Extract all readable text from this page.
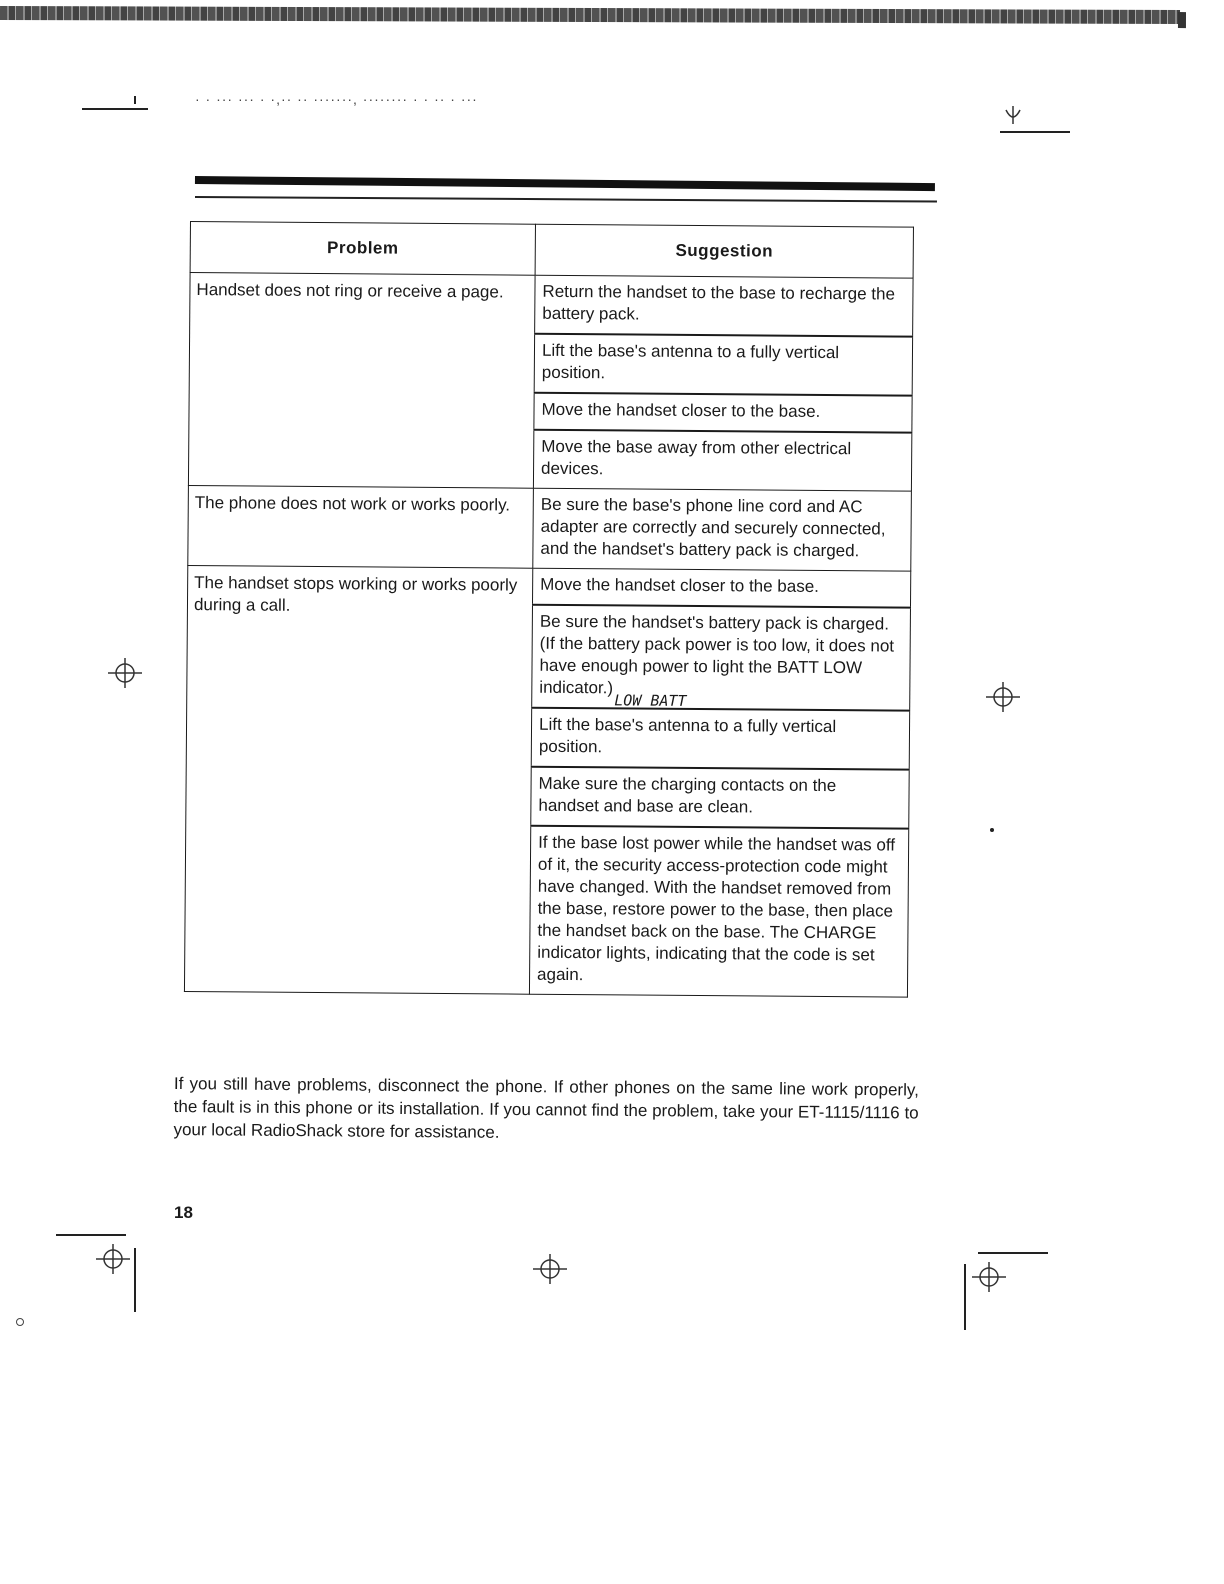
· · ··· ··· · ·,·· ·· ·······, ········ · · ·· · ···
Problem	Suggestion
Handset does not ring or receive a page.	Return the handset to the base to recharge the battery pack.
	Lift the base's antenna to a fully vertical position.
	Move the handset closer to the base.
	Move the base away from other electrical devices.
The phone does not work or works poorly.	Be sure the base's phone line cord and AC adapter are correctly and securely connected, and the handset's battery pack is charged.
The handset stops working or works poorly during a call.	Move the handset closer to the base.
	Be sure the handset's battery pack is charged. (If the battery pack power is too low, it does not have enough power to light the BATT LOW indicator.)
LOW BATT

	Lift the base's antenna to a fully vertical position.
	Make sure the charging contacts on the handset and base are clean.
	If the base lost power while the handset was off of it, the security access-protection code might have changed. With the handset removed from the base, restore power to the base, then place the handset back on the base. The CHARGE indicator lights, indicating that the code is set again.
If you still have problems, disconnect the phone. If other phones on the same line work properly, the fault is in this phone or its installation. If you cannot find the problem, take your ET-1115/1116 to your local RadioShack store for assistance.
18
